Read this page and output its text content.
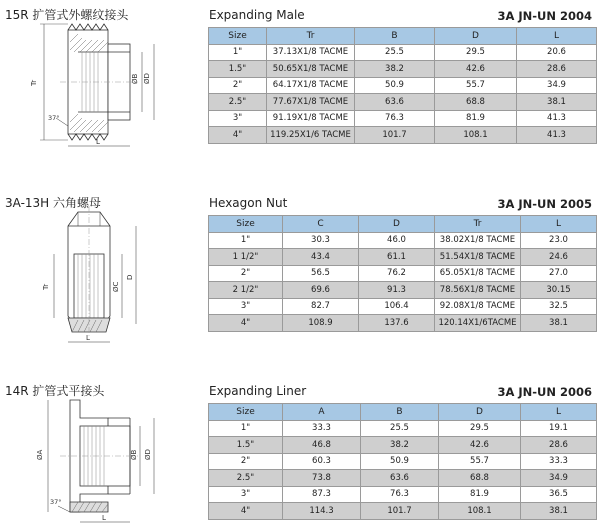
15R 扩管式外螺纹接头
Tr	ØB ØD
37°
L
Expanding Male	3A JN-UN 2004
Size	Tr	B	D	L
1"	37.13X1/8 TACME	25.5	29.5	20.6
1.5"	50.65X1/8 TACME	38.2	42.6	28.6
2"	64.17X1/8 TACME	50.9	55.7	34.9
2.5"	77.67X1/8 TACME	63.6	68.8	38.1
3"	91.19X1/8 TACME	76.3	81.9	41.3
4"	119.25X1/6 TACME	101.7	108.1	41.3
3A-13H 六角螺母
Tr	ØC
D
L
Hexagon Nut	3A JN-UN 2005
Size	C	D	Tr	L
1"	30.3	46.0	38.02X1/8 TACME	23.0
1 1/2"	43.4	61.1	51.54X1/8 TACME	24.6
2"	56.5	76.2	65.05X1/8 TACME	27.0
2 1/2"	69.6	91.3	78.56X1/8 TACME	30.15
3"	82.7	106.4	92.08X1/8 TACME	32.5
4"	108.9	137.6	120.14X1/6TACME	38.1
14R 扩管式平接头
ØA	ØB ØD
37°
L
Expanding Liner	3A JN-UN 2006
Size	A	B	D	L
1"	33.3	25.5	29.5	19.1
1.5"	46.8	38.2	42.6	28.6
2"	60.3	50.9	55.7	33.3
2.5"	73.8	63.6	68.8	34.9
3"	87.3	76.3	81.9	36.5
4"	114.3	101.7	108.1	38.1
